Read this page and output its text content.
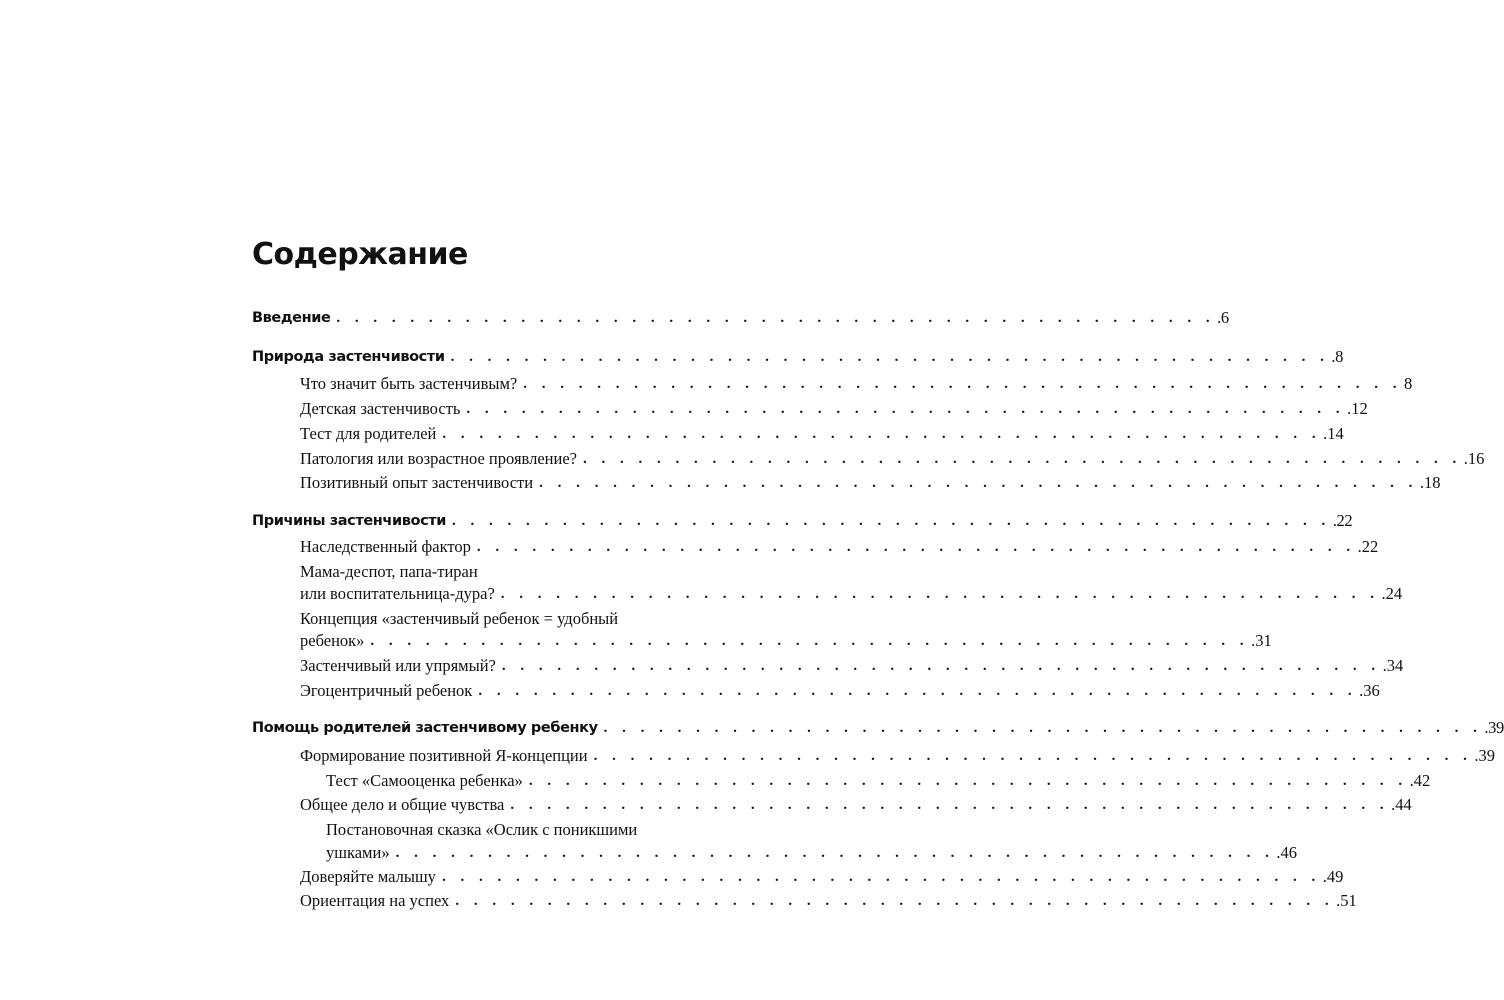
Содержание
Введение . . . . . . . . . . . . . . . . . . . . . . . . . . . . . . . . . . . . . . . . . . . . . . . . .6
Природа застенчивости . . . . . . . . . . . . . . . . . . . . . . . . . . . . . . . . . . . . . . . . . . . . . . . . .8
Что значит быть застенчивым? . . . . . . . . . . . . . . . . . . . . . . . . . . . . . . . . . . . . . . . . . . . . . . . . 8
Детская застенчивость . . . . . . . . . . . . . . . . . . . . . . . . . . . . . . . . . . . . . . . . . . . . . . . . .12
Тест для родителей . . . . . . . . . . . . . . . . . . . . . . . . . . . . . . . . . . . . . . . . . . . . . . . . .14
Патология или возрастное проявление? . . . . . . . . . . . . . . . . . . . . . . . . . . . . . . . . . . . . . . . . . . . . . . . . .16
Позитивный опыт застенчивости . . . . . . . . . . . . . . . . . . . . . . . . . . . . . . . . . . . . . . . . . . . . . . . . .18
Причины застенчивости . . . . . . . . . . . . . . . . . . . . . . . . . . . . . . . . . . . . . . . . . . . . . . . . .22
Наследственный фактор . . . . . . . . . . . . . . . . . . . . . . . . . . . . . . . . . . . . . . . . . . . . . . . . .22
Мама-деспот, папа-тиран
или воспитательница-дура? . . . . . . . . . . . . . . . . . . . . . . . . . . . . . . . . . . . . . . . . . . . . . . . . .24
Концепция «застенчивый ребенок = удобный
ребенок» . . . . . . . . . . . . . . . . . . . . . . . . . . . . . . . . . . . . . . . . . . . . . . . . .31
Застенчивый или упрямый? . . . . . . . . . . . . . . . . . . . . . . . . . . . . . . . . . . . . . . . . . . . . . . . . .34
Эгоцентричный ребенок . . . . . . . . . . . . . . . . . . . . . . . . . . . . . . . . . . . . . . . . . . . . . . . . .36
Помощь родителей застенчивому ребенку . . . . . . . . . . . . . . . . . . . . . . . . . . . . . . . . . . . . . . . . . . . . . . . . .39
Формирование позитивной Я-концепции . . . . . . . . . . . . . . . . . . . . . . . . . . . . . . . . . . . . . . . . . . . . . . . . .39
Тест «Самооценка ребенка» . . . . . . . . . . . . . . . . . . . . . . . . . . . . . . . . . . . . . . . . . . . . . . . . .42
Общее дело и общие чувства . . . . . . . . . . . . . . . . . . . . . . . . . . . . . . . . . . . . . . . . . . . . . . . . .44
Постановочная сказка «Ослик с поникшими
ушками» . . . . . . . . . . . . . . . . . . . . . . . . . . . . . . . . . . . . . . . . . . . . . . . . .46
Доверяйте малышу . . . . . . . . . . . . . . . . . . . . . . . . . . . . . . . . . . . . . . . . . . . . . . . . .49
Ориентация на успех . . . . . . . . . . . . . . . . . . . . . . . . . . . . . . . . . . . . . . . . . . . . . . . . .51
